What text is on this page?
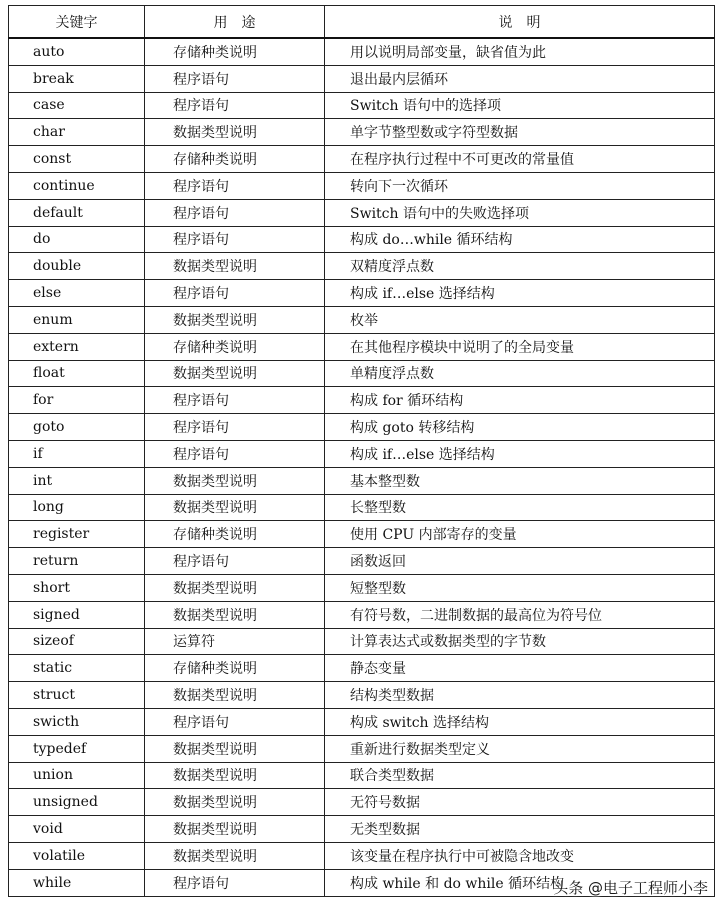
关键字	用　途	说　明
auto	存储种类说明	用以说明局部变量，缺省值为此
break	程序语句	退出最内层循环
case	程序语句	Switch 语句中的选择项
char	数据类型说明	单字节整型数或字符型数据
const	存储种类说明	在程序执行过程中不可更改的常量值
continue	程序语句	转向下一次循环
default	程序语句	Switch 语句中的失败选择项
do	程序语句	构成 do…while 循环结构
double	数据类型说明	双精度浮点数
else	程序语句	构成 if…else 选择结构
enum	数据类型说明	枚举
extern	存储种类说明	在其他程序模块中说明了的全局变量
float	数据类型说明	单精度浮点数
for	程序语句	构成 for 循环结构
goto	程序语句	构成 goto 转移结构
if	程序语句	构成 if…else 选择结构
int	数据类型说明	基本整型数
long	数据类型说明	长整型数
register	存储种类说明	使用 CPU 内部寄存的变量
return	程序语句	函数返回
short	数据类型说明	短整型数
signed	数据类型说明	有符号数，二进制数据的最高位为符号位
sizeof	运算符	计算表达式或数据类型的字节数
static	存储种类说明	静态变量
struct	数据类型说明	结构类型数据
swicth	程序语句	构成 switch 选择结构
typedef	数据类型说明	重新进行数据类型定义
union	数据类型说明	联合类型数据
unsigned	数据类型说明	无符号数据
void	数据类型说明	无类型数据
volatile	数据类型说明	该变量在程序执行中可被隐含地改变
while	程序语句	构成 while 和 do while 循环结构
头条 @电子工程师小李
